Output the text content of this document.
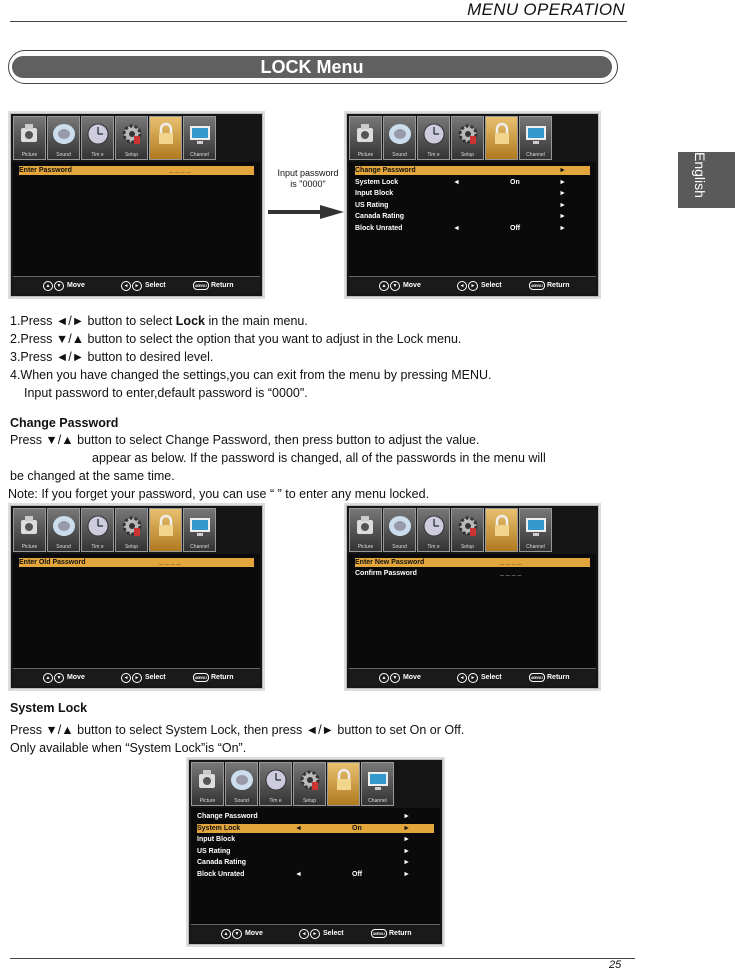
MENU OPERATION
LOCK Menu
English
Picture	Sound	Tim e	Setup	Channel
Enter Password	_ _ _ _
▲ ▼ Move	◄ ► Select	MENU Return
Input password
is "0000"
Picture	Sound	Tim e	Setup	Channel
Change Password	►
System Lock	◄	On	►
Input Block	►
US Rating	►
Canada Rating	►
Block Unrated	◄	Off	►
▲ ▼ Move	◄ ► Select	MENU Return
1.Press ◄/► button to select Lock in the main menu.
2.Press ▼/▲ button to select the option that you want to adjust in the Lock menu.
3.Press ◄/► button to desired level.
4.When you have changed the settings,you can exit from the menu by pressing MENU.
Input password to enter,default password is “0000".
Change Password
Press ▼/▲ button to select Change Password, then press button to adjust the value.
appear as below. If the password is changed, all of the passwords in the menu will
be changed at the same time.
Note: If you forget your password, you can use “ ” to enter any menu locked.
Picture	Sound	Tim e	Setup	Channel
Enter Old Password	_ _ _ _
▲ ▼ Move	◄ ► Select	MENU Return
Picture	Sound	Tim e	Setup	Channel
Enter New Password	_ _ _ _
Confirm Password	_ _ _ _
▲ ▼ Move	◄ ► Select	MENU Return
System Lock
Press ▼/▲ button to select System Lock, then press ◄/► button to set On or Off.
Only available when “System Lock”is “On”.
Picture	Sound	Tim e	Setup	Channel
Change Password	►
System Lock	◄	On	►
Input Block	►
US Rating	►
Canada Rating	►
Block Unrated	◄	Off	►
▲ ▼ Move	◄ ► Select	MENU Return
25
